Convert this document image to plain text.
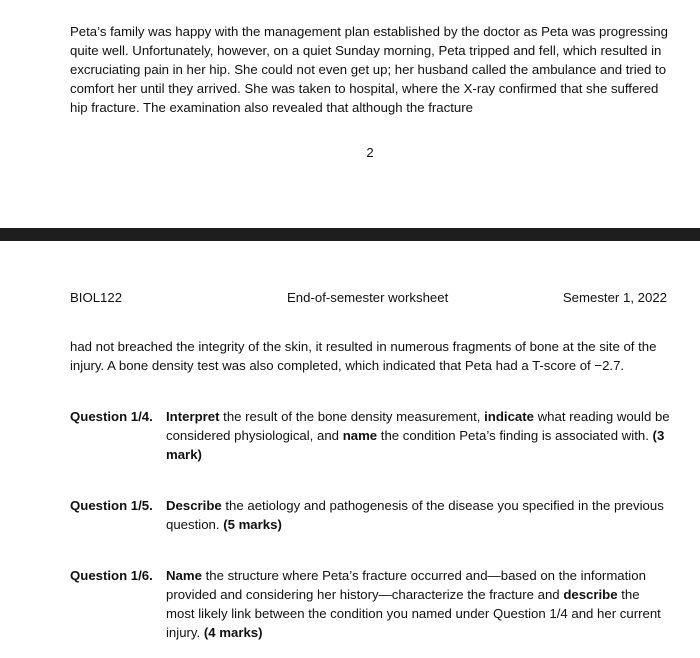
Peta’s family was happy with the management plan established by the doctor as Peta was progressing quite well. Unfortunately, however, on a quiet Sunday morning, Peta tripped and fell, which resulted in excruciating pain in her hip. She could not even get up; her husband called the ambulance and tried to comfort her until they arrived. She was taken to hospital, where the X-ray confirmed that she suffered hip fracture. The examination also revealed that although the fracture

2
BIOL122	End-of-semester worksheet	Semester 1, 2022

had not breached the integrity of the skin, it resulted in numerous fragments of bone at the site of the injury. A bone density test was also completed, which indicated that Peta had a T-score of −2.7.

Question 1/4. Interpret the result of the bone density measurement, indicate what reading would be considered physiological, and name the condition Peta’s finding is associated with. (3 mark)
Question 1/5. Describe the aetiology and pathogenesis of the disease you specified in the previous question. (5 marks)
Question 1/6. Name the structure where Peta’s fracture occurred and—based on the information provided and considering her history—characterize the fracture and describe the most likely link between the condition you named under Question 1/4 and her current injury. (4 marks)
